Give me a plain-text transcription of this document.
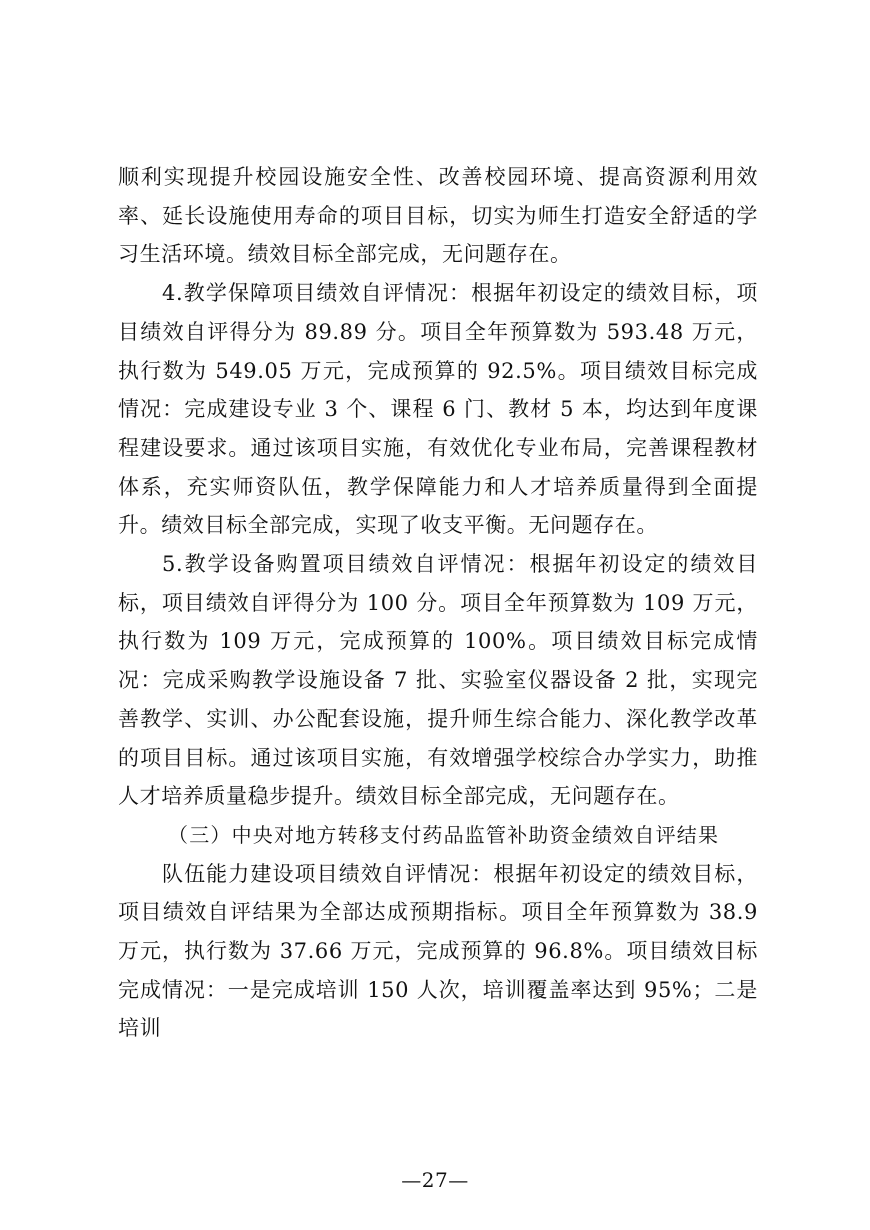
顺利实现提升校园设施安全性、改善校园环境、提高资源利用效率、延长设施使用寿命的项目目标，切实为师生打造安全舒适的学习生活环境。绩效目标全部完成，无问题存在。

4.教学保障项目绩效自评情况：根据年初设定的绩效目标，项目绩效自评得分为 89.89 分。项目全年预算数为 593.48 万元，执行数为 549.05 万元，完成预算的 92.5%。项目绩效目标完成情况：完成建设专业 3 个、课程 6 门、教材 5 本，均达到年度课程建设要求。通过该项目实施，有效优化专业布局，完善课程教材体系，充实师资队伍，教学保障能力和人才培养质量得到全面提升。绩效目标全部完成，实现了收支平衡。无问题存在。

5.教学设备购置项目绩效自评情况：根据年初设定的绩效目标，项目绩效自评得分为 100 分。项目全年预算数为 109 万元，执行数为 109 万元，完成预算的 100%。项目绩效目标完成情况：完成采购教学设施设备 7 批、实验室仪器设备 2 批，实现完善教学、实训、办公配套设施，提升师生综合能力、深化教学改革的项目目标。通过该项目实施，有效增强学校综合办学实力，助推人才培养质量稳步提升。绩效目标全部完成，无问题存在。

（三）中央对地方转移支付药品监管补助资金绩效自评结果

队伍能力建设项目绩效自评情况：根据年初设定的绩效目标，项目绩效自评结果为全部达成预期指标。项目全年预算数为 38.9 万元，执行数为 37.66 万元，完成预算的 96.8%。项目绩效目标完成情况：一是完成培训 150 人次，培训覆盖率达到 95%；二是培训

—27—
